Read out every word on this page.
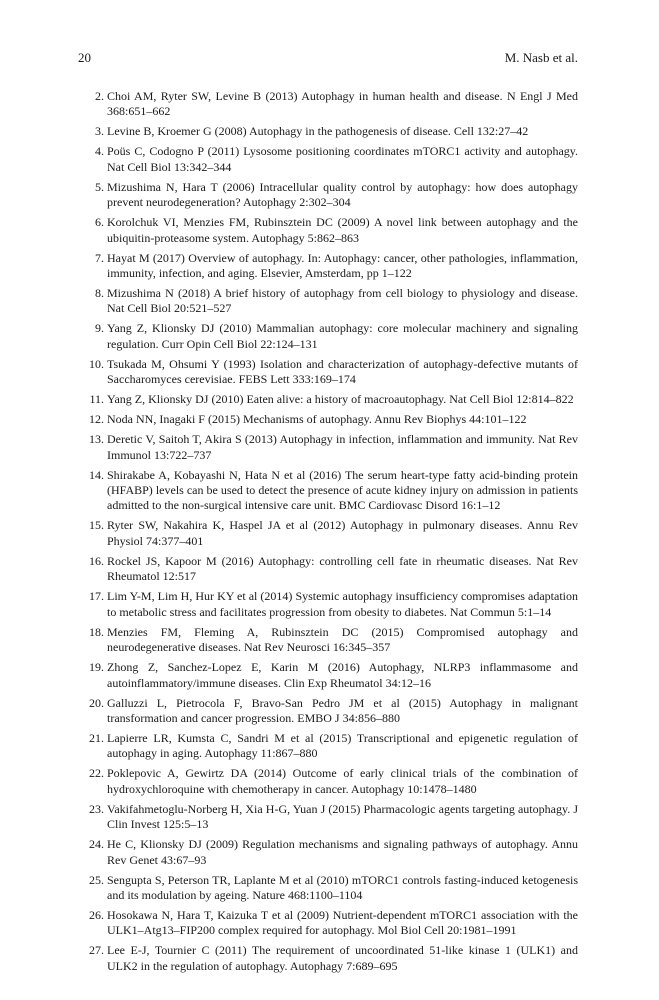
20	M. Nasb et al.
2. Choi AM, Ryter SW, Levine B (2013) Autophagy in human health and disease. N Engl J Med 368:651–662
3. Levine B, Kroemer G (2008) Autophagy in the pathogenesis of disease. Cell 132:27–42
4. Poüs C, Codogno P (2011) Lysosome positioning coordinates mTORC1 activity and autophagy. Nat Cell Biol 13:342–344
5. Mizushima N, Hara T (2006) Intracellular quality control by autophagy: how does autophagy prevent neurodegeneration? Autophagy 2:302–304
6. Korolchuk VI, Menzies FM, Rubinsztein DC (2009) A novel link between autophagy and the ubiquitin-proteasome system. Autophagy 5:862–863
7. Hayat M (2017) Overview of autophagy. In: Autophagy: cancer, other pathologies, inflammation, immunity, infection, and aging. Elsevier, Amsterdam, pp 1–122
8. Mizushima N (2018) A brief history of autophagy from cell biology to physiology and disease. Nat Cell Biol 20:521–527
9. Yang Z, Klionsky DJ (2010) Mammalian autophagy: core molecular machinery and signaling regulation. Curr Opin Cell Biol 22:124–131
10. Tsukada M, Ohsumi Y (1993) Isolation and characterization of autophagy-defective mutants of Saccharomyces cerevisiae. FEBS Lett 333:169–174
11. Yang Z, Klionsky DJ (2010) Eaten alive: a history of macroautophagy. Nat Cell Biol 12:814–822
12. Noda NN, Inagaki F (2015) Mechanisms of autophagy. Annu Rev Biophys 44:101–122
13. Deretic V, Saitoh T, Akira S (2013) Autophagy in infection, inflammation and immunity. Nat Rev Immunol 13:722–737
14. Shirakabe A, Kobayashi N, Hata N et al (2016) The serum heart-type fatty acid-binding protein (HFABP) levels can be used to detect the presence of acute kidney injury on admission in patients admitted to the non-surgical intensive care unit. BMC Cardiovasc Disord 16:1–12
15. Ryter SW, Nakahira K, Haspel JA et al (2012) Autophagy in pulmonary diseases. Annu Rev Physiol 74:377–401
16. Rockel JS, Kapoor M (2016) Autophagy: controlling cell fate in rheumatic diseases. Nat Rev Rheumatol 12:517
17. Lim Y-M, Lim H, Hur KY et al (2014) Systemic autophagy insufficiency compromises adaptation to metabolic stress and facilitates progression from obesity to diabetes. Nat Commun 5:1–14
18. Menzies FM, Fleming A, Rubinsztein DC (2015) Compromised autophagy and neurodegenerative diseases. Nat Rev Neurosci 16:345–357
19. Zhong Z, Sanchez-Lopez E, Karin M (2016) Autophagy, NLRP3 inflammasome and autoinflammatory/immune diseases. Clin Exp Rheumatol 34:12–16
20. Galluzzi L, Pietrocola F, Bravo-San Pedro JM et al (2015) Autophagy in malignant transformation and cancer progression. EMBO J 34:856–880
21. Lapierre LR, Kumsta C, Sandri M et al (2015) Transcriptional and epigenetic regulation of autophagy in aging. Autophagy 11:867–880
22. Poklepovic A, Gewirtz DA (2014) Outcome of early clinical trials of the combination of hydroxychloroquine with chemotherapy in cancer. Autophagy 10:1478–1480
23. Vakifahmetoglu-Norberg H, Xia H-G, Yuan J (2015) Pharmacologic agents targeting autophagy. J Clin Invest 125:5–13
24. He C, Klionsky DJ (2009) Regulation mechanisms and signaling pathways of autophagy. Annu Rev Genet 43:67–93
25. Sengupta S, Peterson TR, Laplante M et al (2010) mTORC1 controls fasting-induced ketogenesis and its modulation by ageing. Nature 468:1100–1104
26. Hosokawa N, Hara T, Kaizuka T et al (2009) Nutrient-dependent mTORC1 association with the ULK1–Atg13–FIP200 complex required for autophagy. Mol Biol Cell 20:1981–1991
27. Lee E-J, Tournier C (2011) The requirement of uncoordinated 51-like kinase 1 (ULK1) and ULK2 in the regulation of autophagy. Autophagy 7:689–695
